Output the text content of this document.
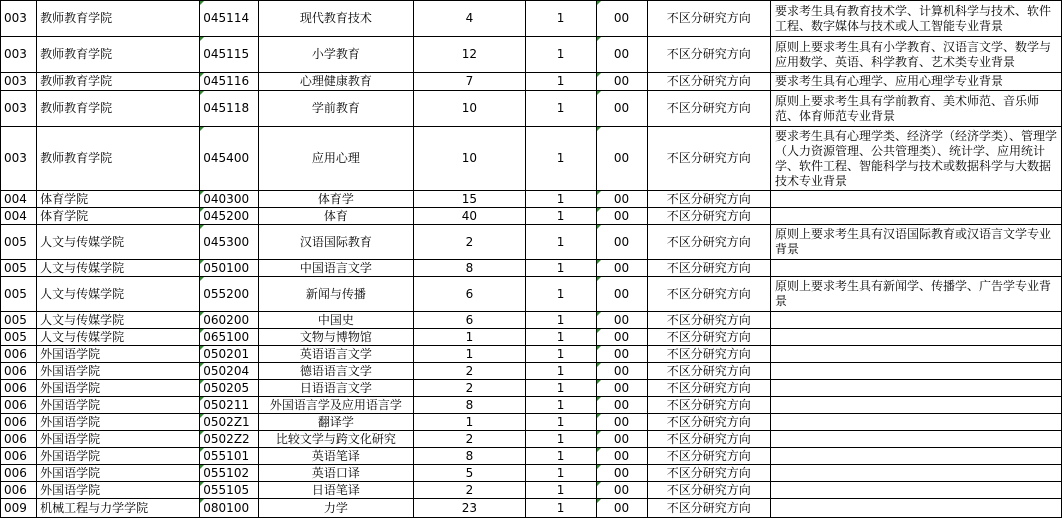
003	教师教育学院	045114	现代教育技术	4	1	00	不区分研究方向	要求考生具有教育技术学、计算机科学与技术、软件工程、数字媒体与技术或人工智能专业背景
003	教师教育学院	045115	小学教育	12	1	00	不区分研究方向	原则上要求考生具有小学教育、汉语言文学、数学与应用数学、英语、科学教育、艺术类专业背景
003	教师教育学院	045116	心理健康教育	7	1	00	不区分研究方向	要求考生具有心理学、应用心理学专业背景
003	教师教育学院	045118	学前教育	10	1	00	不区分研究方向	原则上要求考生具有学前教育、美术师范、音乐师范、体育师范专业背景
003	教师教育学院	045400	应用心理	10	1	00	不区分研究方向	要求考生具有心理学类、经济学（经济学类）、管理学（人力资源管理、公共管理类）、统计学、应用统计学、软件工程、智能科学与技术或数据科学与大数据技术专业背景
004	体育学院	040300	体育学	15	1	00	不区分研究方向	
004	体育学院	045200	体育	40	1	00	不区分研究方向	
005	人文与传媒学院	045300	汉语国际教育	2	1	00	不区分研究方向	原则上要求考生具有汉语国际教育或汉语言文学专业背景
005	人文与传媒学院	050100	中国语言文学	8	1	00	不区分研究方向	
005	人文与传媒学院	055200	新闻与传播	6	1	00	不区分研究方向	原则上要求考生具有新闻学、传播学、广告学专业背景
005	人文与传媒学院	060200	中国史	6	1	00	不区分研究方向	
005	人文与传媒学院	065100	文物与博物馆	1	1	00	不区分研究方向	
006	外国语学院	050201	英语语言文学	1	1	00	不区分研究方向	
006	外国语学院	050204	德语语言文学	2	1	00	不区分研究方向	
006	外国语学院	050205	日语语言文学	2	1	00	不区分研究方向	
006	外国语学院	050211	外国语言学及应用语言学	8	1	00	不区分研究方向	
006	外国语学院	0502Z1	翻译学	1	1	00	不区分研究方向	
006	外国语学院	0502Z2	比较文学与跨文化研究	2	1	00	不区分研究方向	
006	外国语学院	055101	英语笔译	8	1	00	不区分研究方向	
006	外国语学院	055102	英语口译	5	1	00	不区分研究方向	
006	外国语学院	055105	日语笔译	2	1	00	不区分研究方向	
009	机械工程与力学学院	080100	力学	23	1	00	不区分研究方向	
